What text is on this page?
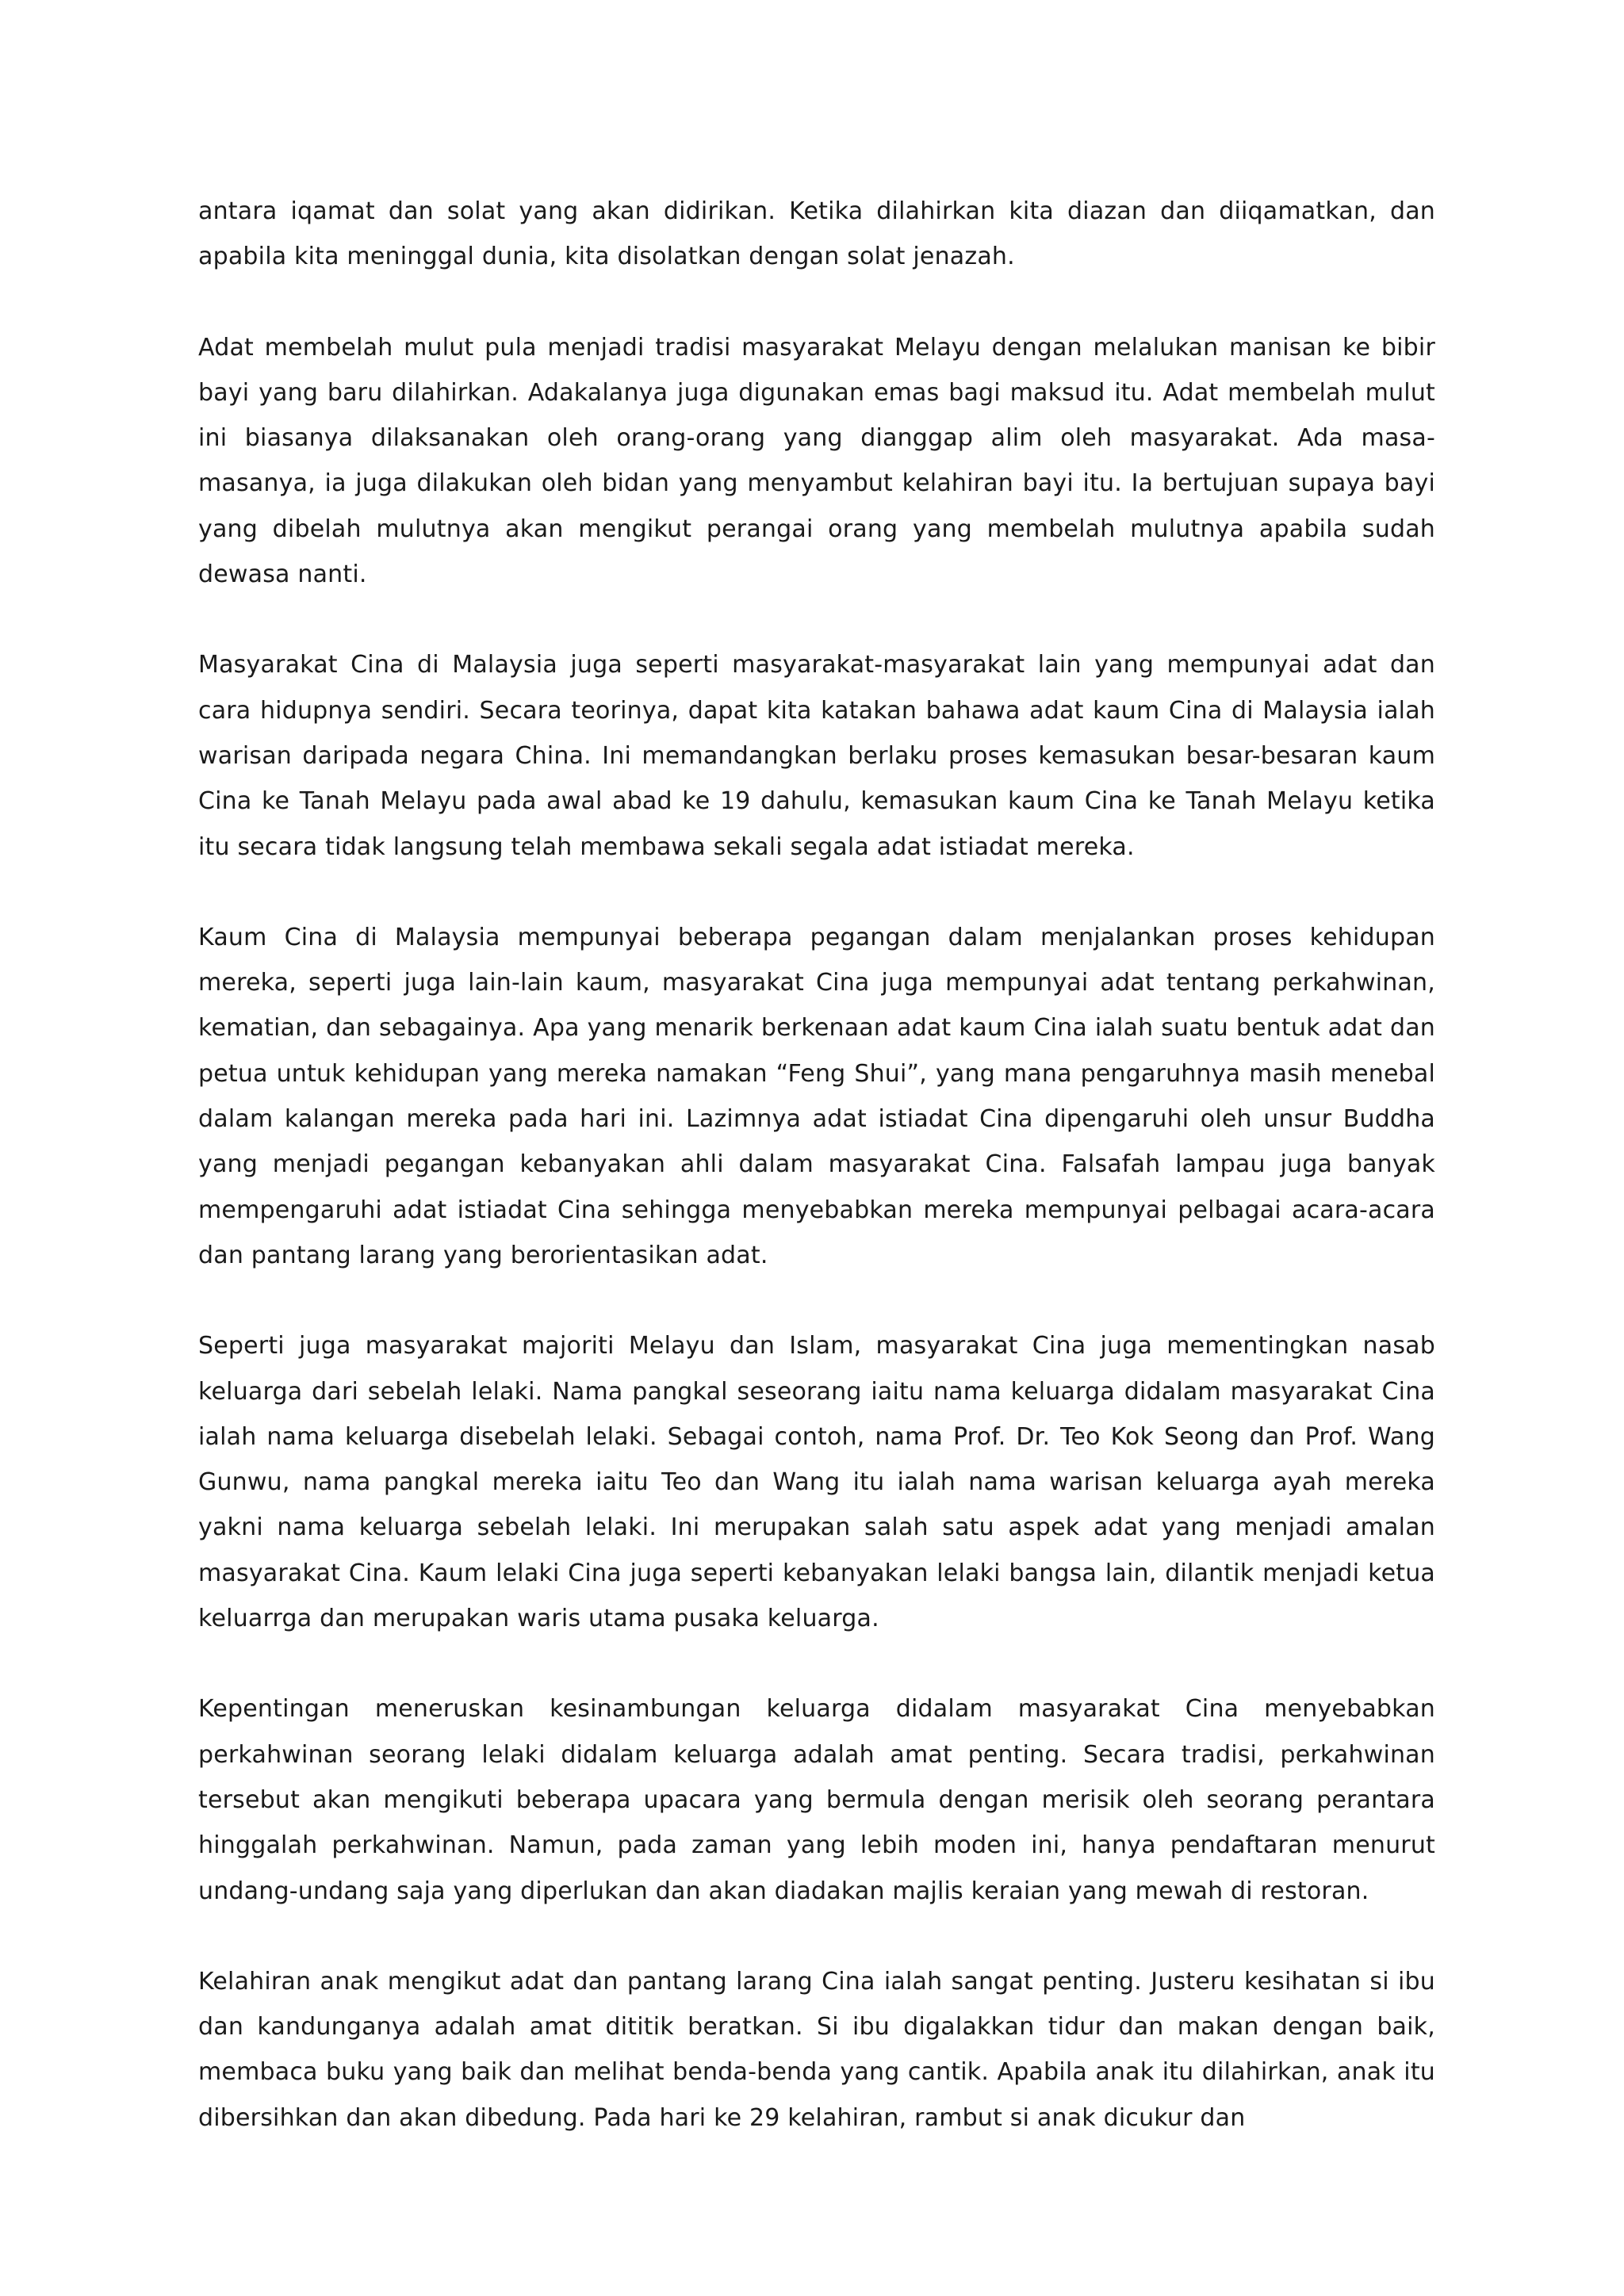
antara iqamat dan solat yang akan didirikan. Ketika dilahirkan kita diazan dan diiqamatkan, dan apabila kita meninggal dunia, kita disolatkan dengan solat jenazah.

Adat membelah mulut pula menjadi tradisi masyarakat Melayu dengan melalukan manisan ke bibir bayi yang baru dilahirkan. Adakalanya juga digunakan emas bagi maksud itu. Adat membelah mulut ini biasanya dilaksanakan oleh orang-orang yang dianggap alim oleh masyarakat. Ada masa-masanya, ia juga dilakukan oleh bidan yang menyambut kelahiran bayi itu. Ia bertujuan supaya bayi yang dibelah mulutnya akan mengikut perangai orang yang membelah mulutnya apabila sudah dewasa nanti.

Masyarakat Cina di Malaysia juga seperti masyarakat-masyarakat lain yang mempunyai adat dan cara hidupnya sendiri. Secara teorinya, dapat kita katakan bahawa adat kaum Cina di Malaysia ialah warisan daripada negara China. Ini memandangkan berlaku proses kemasukan besar-besaran kaum Cina ke Tanah Melayu pada awal abad ke 19 dahulu, kemasukan kaum Cina ke Tanah Melayu ketika itu secara tidak langsung telah membawa sekali segala adat istiadat mereka.

Kaum Cina di Malaysia mempunyai beberapa pegangan dalam menjalankan proses kehidupan mereka, seperti juga lain-lain kaum, masyarakat Cina juga mempunyai adat tentang perkahwinan, kematian, dan sebagainya. Apa yang menarik berkenaan adat kaum Cina ialah suatu bentuk adat dan petua untuk kehidupan yang mereka namakan “Feng Shui”, yang mana pengaruhnya masih menebal dalam kalangan mereka pada hari ini. Lazimnya adat istiadat Cina dipengaruhi oleh unsur Buddha yang menjadi pegangan kebanyakan ahli dalam masyarakat Cina. Falsafah lampau juga banyak mempengaruhi adat istiadat Cina sehingga menyebabkan mereka mempunyai pelbagai acara-acara dan pantang larang yang berorientasikan adat.

Seperti juga masyarakat majoriti Melayu dan Islam, masyarakat Cina juga mementingkan nasab keluarga dari sebelah lelaki. Nama pangkal seseorang iaitu nama keluarga didalam masyarakat Cina ialah nama keluarga disebelah lelaki. Sebagai contoh, nama Prof. Dr. Teo Kok Seong dan Prof. Wang Gunwu, nama pangkal mereka iaitu Teo dan Wang itu ialah nama warisan keluarga ayah mereka yakni nama keluarga sebelah lelaki. Ini merupakan salah satu aspek adat yang menjadi amalan masyarakat Cina. Kaum lelaki Cina juga seperti kebanyakan lelaki bangsa lain, dilantik menjadi ketua keluarrga dan merupakan waris utama pusaka keluarga.

Kepentingan meneruskan kesinambungan keluarga didalam masyarakat Cina menyebabkan perkahwinan seorang lelaki didalam keluarga adalah amat penting. Secara tradisi, perkahwinan tersebut akan mengikuti beberapa upacara yang bermula dengan merisik oleh seorang perantara hinggalah perkahwinan. Namun, pada zaman yang lebih moden ini, hanya pendaftaran menurut undang-undang saja yang diperlukan dan akan diadakan majlis keraian yang mewah di restoran.

Kelahiran anak mengikut adat dan pantang larang Cina ialah sangat penting. Justeru kesihatan si ibu dan kandunganya adalah amat dititik beratkan. Si ibu digalakkan tidur dan makan dengan baik, membaca buku yang baik dan melihat benda-benda yang cantik. Apabila anak itu dilahirkan, anak itu dibersihkan dan akan dibedung. Pada hari ke 29 kelahiran, rambut si anak dicukur dan
